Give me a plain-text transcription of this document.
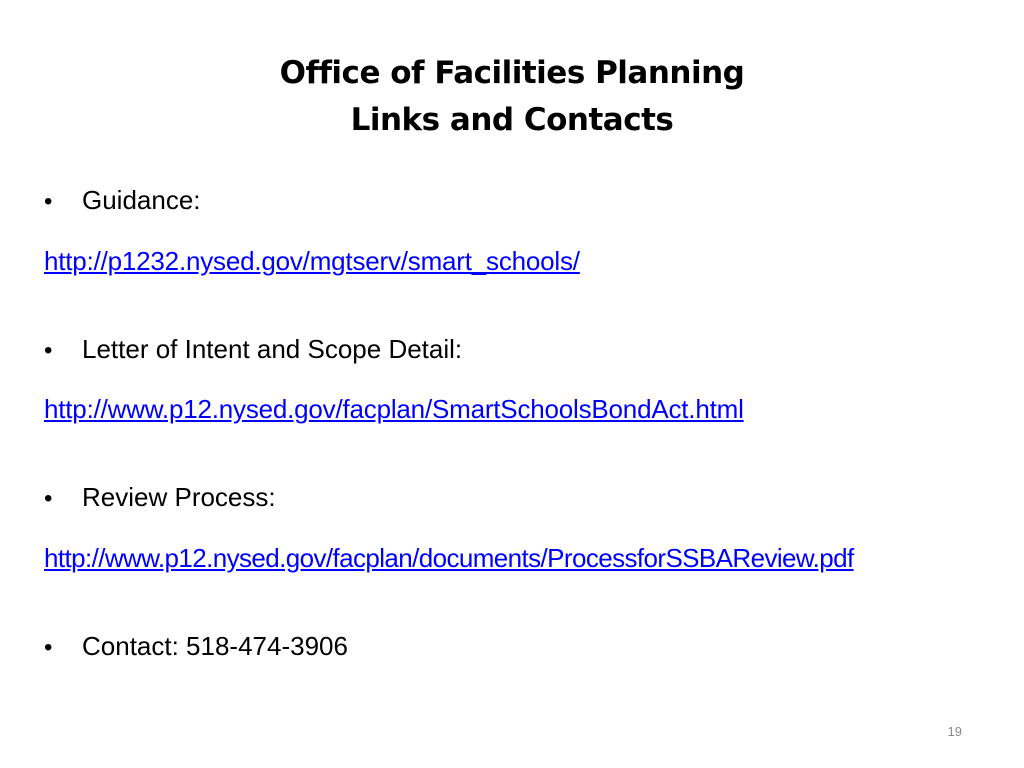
Office of Facilities Planning
Links and Contacts
• Guidance:
http://p1232.nysed.gov/mgtserv/smart_schools/
• Letter of Intent and Scope Detail:
http://www.p12.nysed.gov/facplan/SmartSchoolsBondAct.html
• Review Process:
http://www.p12.nysed.gov/facplan/documents/ProcessforSSBAReview.pdf
• Contact: 518-474-3906
19
